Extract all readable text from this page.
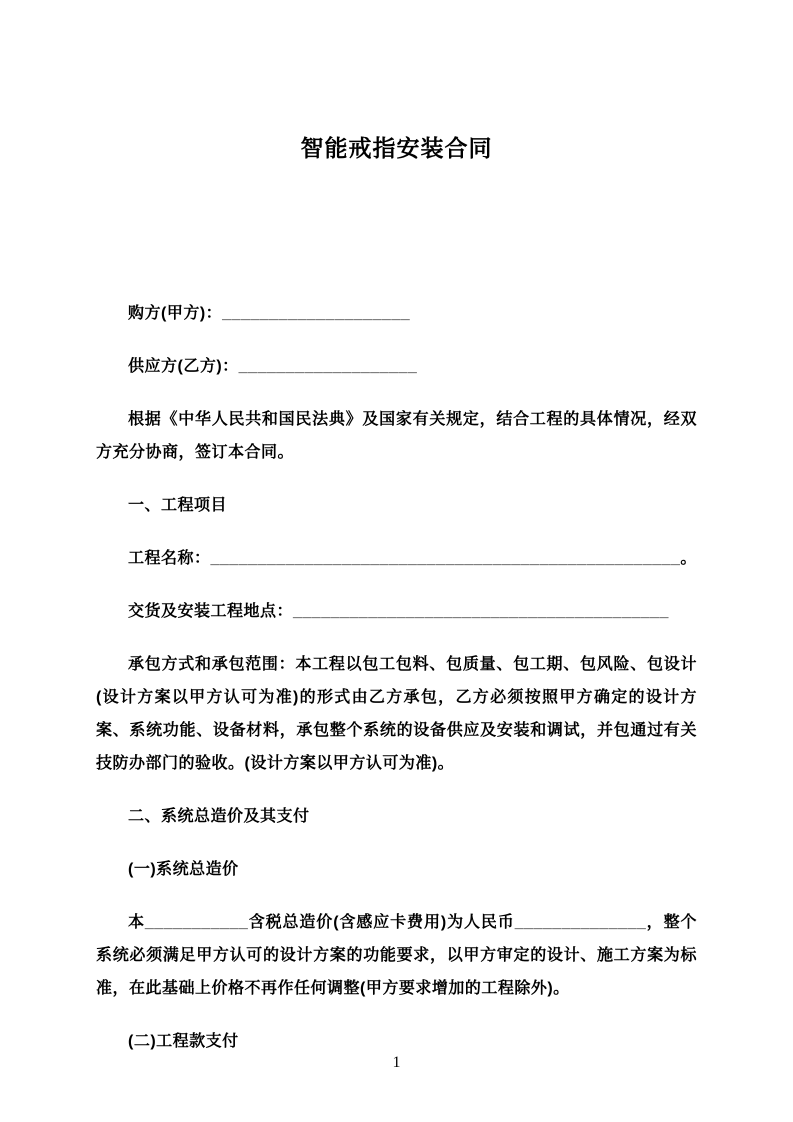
智能戒指安装合同

购方(甲方)：____________________

供应方(乙方)：___________________

根据《中华人民共和国民法典》及国家有关规定，结合工程的具体情况，经双方充分协商，签订本合同。

一、工程项目

工程名称：__________________________________________________。

交货及安装工程地点：________________________________________

承包方式和承包范围：本工程以包工包料、包质量、包工期、包风险、包设计(设计方案以甲方认可为准)的形式由乙方承包，乙方必须按照甲方确定的设计方案、系统功能、设备材料，承包整个系统的设备供应及安装和调试，并包通过有关技防办部门的验收。(设计方案以甲方认可为准)。

二、系统总造价及其支付

(一)系统总造价

本___________含税总造价(含感应卡费用)为人民币______________，整个系统必须满足甲方认可的设计方案的功能要求，以甲方审定的设计、施工方案为标准，在此基础上价格不再作任何调整(甲方要求增加的工程除外)。

(二)工程款支付

1
